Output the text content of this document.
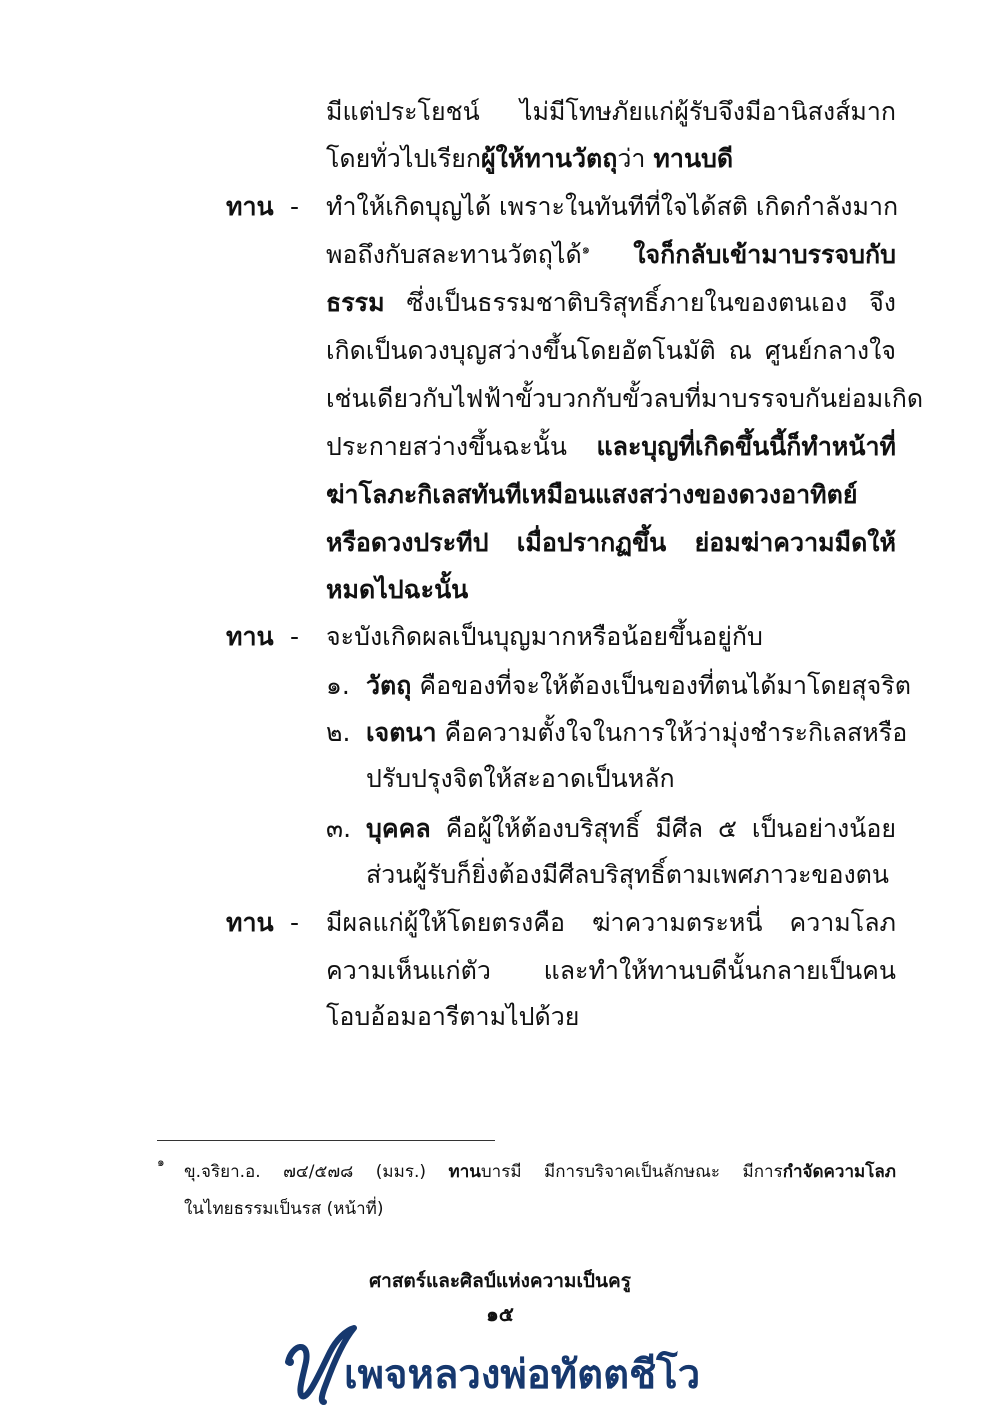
มีแต่ประโยชน์ ไม่มีโทษภัยแก่ผู้รับจึงมีอานิสงส์มาก
โดยทั่วไปเรียกผู้ให้ทานวัตถุว่า ทานบดี
ทาน - ทำให้เกิดบุญได้ เพราะในทันทีที่ใจได้สติ เกิดกำลังมาก
พอถึงกับสละทานวัตถุได้$^๑$ ใจก็กลับเข้ามาบรรจบกับ
ธรรม ซึ่งเป็นธรรมชาติบริสุทธิ์ภายในของตนเอง จึง
เกิดเป็นดวงบุญสว่างขึ้นโดยอัตโนมัติ ณ ศูนย์กลางใจ
เช่นเดียวกับไฟฟ้าขั้วบวกกับขั้วลบที่มาบรรจบกันย่อมเกิด
ประกายสว่างขึ้นฉะนั้น และบุญที่เกิดขึ้นนี้ก็ทำหน้าที่
ฆ่าโลภะกิเลสทันทีเหมือนแสงสว่างของดวงอาทิตย์
หรือดวงประทีป เมื่อปรากฏขึ้น ย่อมฆ่าความมืดให้
หมดไปฉะนั้น
ทาน - จะบังเกิดผลเป็นบุญมากหรือน้อยขึ้นอยู่กับ
๑. วัตถุ คือของที่จะให้ต้องเป็นของที่ตนได้มาโดยสุจริต
๒. เจตนา คือความตั้งใจในการให้ว่ามุ่งชำระกิเลสหรือ
ปรับปรุงจิตให้สะอาดเป็นหลัก
๓. บุคคล คือผู้ให้ต้องบริสุทธิ์ มีศีล ๕ เป็นอย่างน้อย
ส่วนผู้รับก็ยิ่งต้องมีศีลบริสุทธิ์ตามเพศภาวะของตน
ทาน - มีผลแก่ผู้ให้โดยตรงคือ ฆ่าความตระหนี่ ความโลภ
ความเห็นแก่ตัว และทำให้ทานบดีนั้นกลายเป็นคน
โอบอ้อมอารีตามไปด้วย
๑ ขุ.จริยา.อ. ๗๔/๕๗๘ (มมร.) ทานบารมี มีการบริจาคเป็นลักษณะ มีการกำจัดความโลภ
ในไทยธรรมเป็นรส (หน้าที่)
ศาสตร์และศิลป์แห่งความเป็นครู
๑๕
เพจหลวงพ่อทัตตชีโว
